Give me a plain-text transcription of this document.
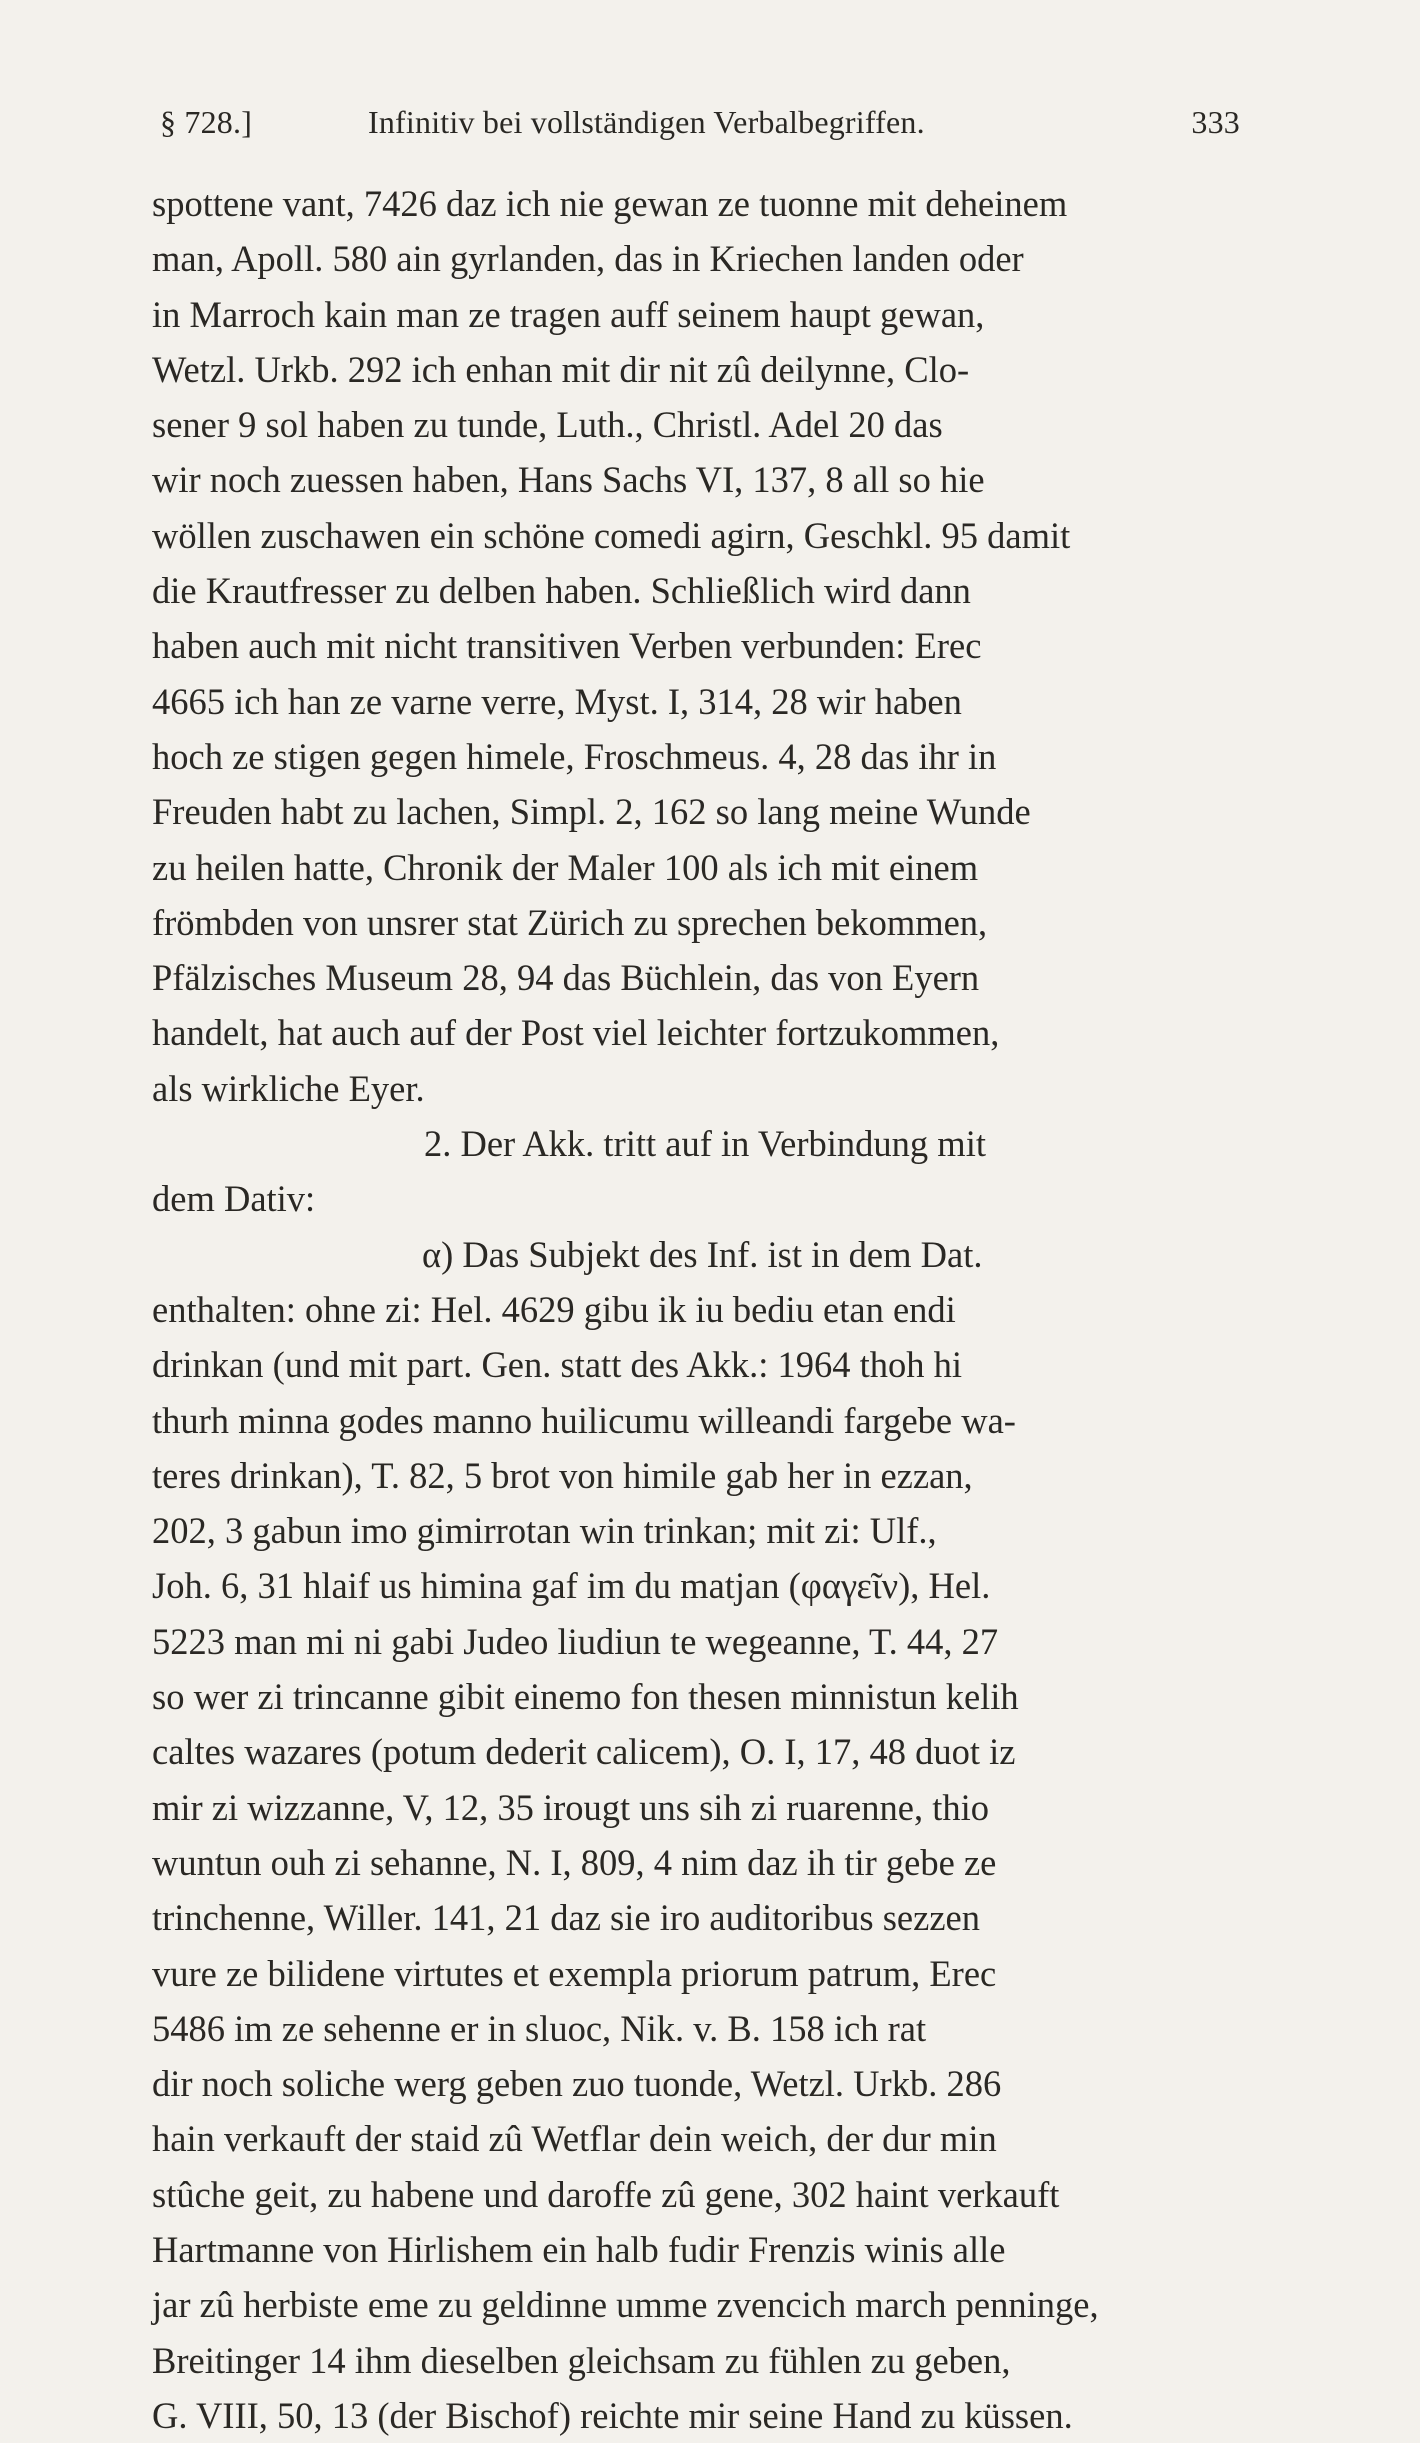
§ 728.]	Infinitiv bei vollständigen Verbalbegriffen.	333
spottene vant, 7426 daz ich nie gewan ze tuonne mit deheinem
man, Apoll. 580 ain gyrlanden, das in Kriechen landen oder
in Marroch kain man ze tragen auff seinem haupt gewan,
Wetzl. Urkb. 292 ich enhan mit dir nit zû deilynne, Clo-
sener 9 sol haben zu tunde, Luth., Christl. Adel 20 das
wir noch zuessen haben, Hans Sachs VI, 137, 8 all so hie
wöllen zuschawen ein schöne comedi agirn, Geschkl. 95 damit
die Krautfresser zu delben haben. Schließlich wird dann
haben auch mit nicht transitiven Verben verbunden: Erec
4665 ich han ze varne verre, Myst. I, 314, 28 wir haben
hoch ze stigen gegen himele, Froschmeus. 4, 28 das ihr in
Freuden habt zu lachen, Simpl. 2, 162 so lang meine Wunde
zu heilen hatte, Chronik der Maler 100 als ich mit einem
frömbden von unsrer stat Zürich zu sprechen bekommen,
Pfälzisches Museum 28, 94 das Büchlein, das von Eyern
handelt, hat auch auf der Post viel leichter fortzukommen,
als wirkliche Eyer.
2. Der Akk. tritt auf in Verbindung mit
dem Dativ:
α) Das Subjekt des Inf. ist in dem Dat.
enthalten: ohne zi: Hel. 4629 gibu ik iu bediu etan endi
drinkan (und mit part. Gen. statt des Akk.: 1964 thoh hi
thurh minna godes manno huilicumu willeandi fargebe wa-
teres drinkan), T. 82, 5 brot von himile gab her in ezzan,
202, 3 gabun imo gimirrotan win trinkan; mit zi: Ulf.,
Joh. 6, 31 hlaif us himina gaf im du matjan (φαγεῖν), Hel.
5223 man mi ni gabi Judeo liudiun te wegeanne, T. 44, 27
so wer zi trincanne gibit einemo fon thesen minnistun kelih
caltes wazares (potum dederit calicem), O. I, 17, 48 duot iz
mir zi wizzanne, V, 12, 35 irougt uns sih zi ruarenne, thio
wuntun ouh zi sehanne, N. I, 809, 4 nim daz ih tir gebe ze
trinchenne, Willer. 141, 21 daz sie iro auditoribus sezzen
vure ze bilidene virtutes et exempla priorum patrum, Erec
5486 im ze sehenne er in sluoc, Nik. v. B. 158 ich rat
dir noch soliche werg geben zuo tuonde, Wetzl. Urkb. 286
hain verkauft der staid zû Wetflar dein weich, der dur min
stûche geit, zu habene und daroffe zû gene, 302 haint verkauft
Hartmanne von Hirlishem ein halb fudir Frenzis winis alle
jar zû herbiste eme zu geldinne umme zvencich march penninge,
Breitinger 14 ihm dieselben gleichsam zu fühlen zu geben,
G. VIII, 50, 13 (der Bischof) reichte mir seine Hand zu küssen.
